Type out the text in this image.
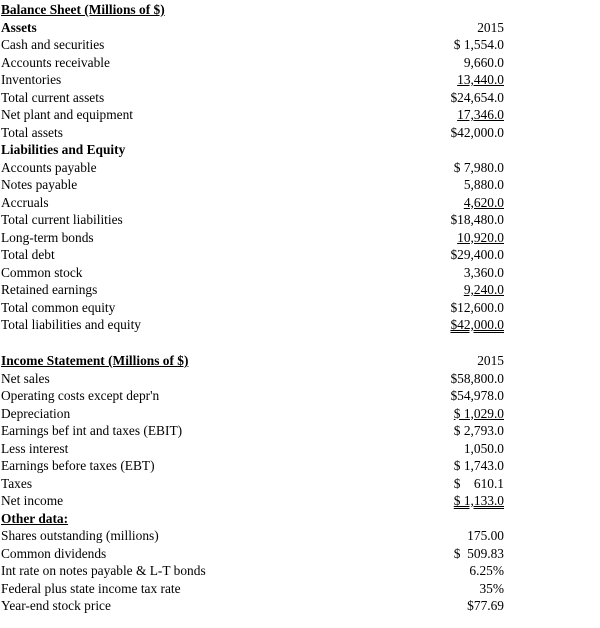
Balance Sheet (Millions of $)
Assets	2015
Cash and securities	$ 1,554.0
Accounts receivable	9,660.0
Inventories	13,440.0
Total current assets	$24,654.0
Net plant and equipment	17,346.0
Total assets	$42,000.0
Liabilities and Equity
Accounts payable	$ 7,980.0
Notes payable	5,880.0
Accruals	4,620.0
Total current liabilities	$18,480.0
Long-term bonds	10,920.0
Total debt	$29,400.0
Common stock	3,360.0
Retained earnings	9,240.0
Total common equity	$12,600.0
Total liabilities and equity	$42,000.0
Income Statement (Millions of $)	2015
Net sales	$58,800.0
Operating costs except depr'n	$54,978.0
Depreciation	$ 1,029.0
Earnings bef int and taxes (EBIT)	$ 2,793.0
Less interest	1,050.0
Earnings before taxes (EBT)	$ 1,743.0
Taxes	$    610.1
Net income	$ 1,133.0
Other data:
Shares outstanding (millions)	175.00
Common dividends	$  509.83
Int rate on notes payable & L-T bonds	6.25%
Federal plus state income tax rate	35%
Year-end stock price	$77.69
